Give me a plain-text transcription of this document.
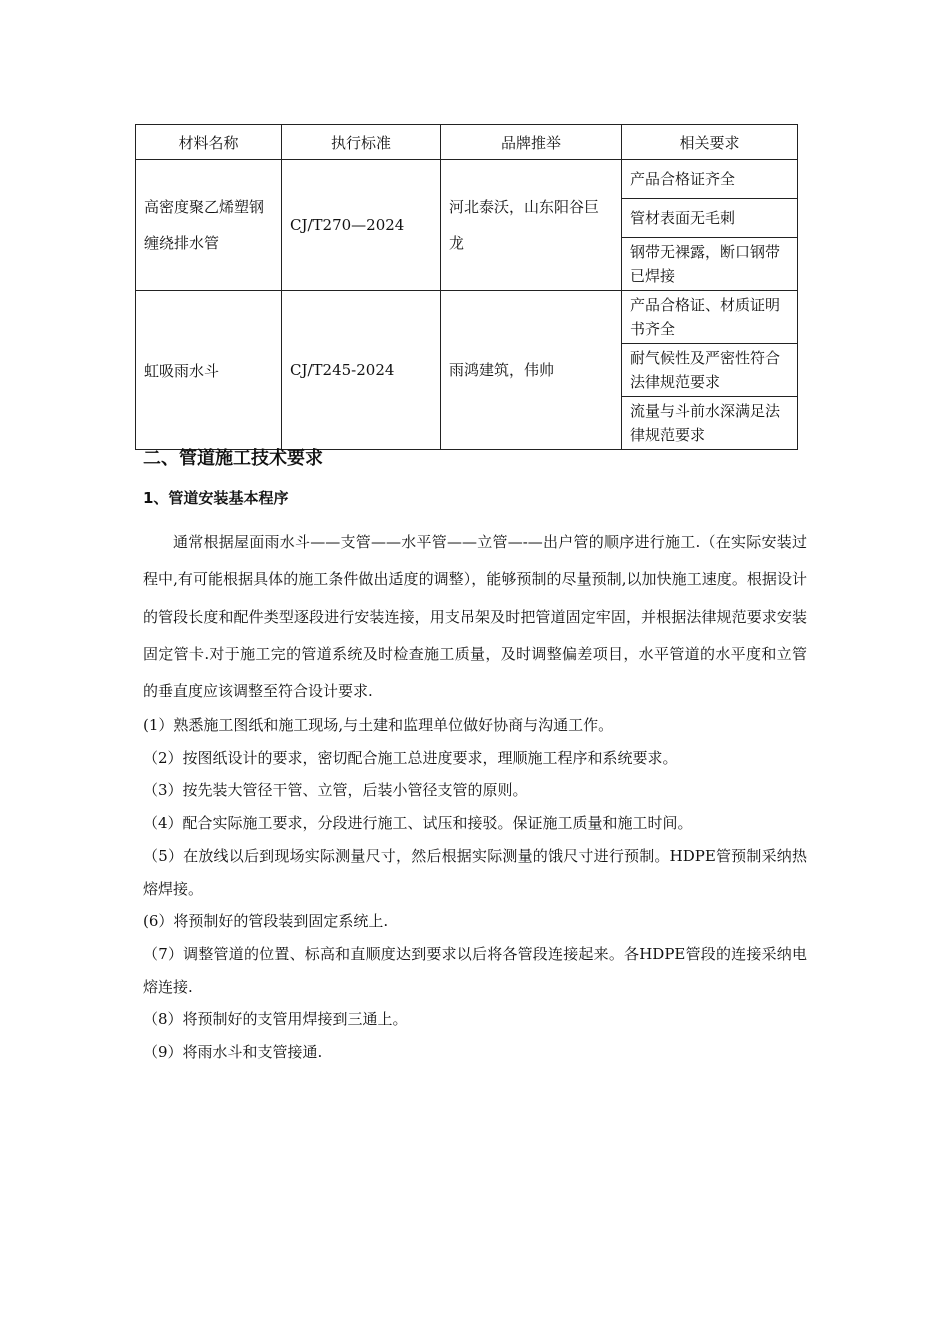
材料名称	执行标准	品牌推举	相关要求
高密度聚乙烯塑钢缠绕排水管	CJ/T270—2024	河北泰沃，山东阳谷巨龙	产品合格证齐全
			管材表面无毛刺
			钢带无裸露，断口钢带已焊接
虹吸雨水斗	CJ/T245-2024	雨鸿建筑，伟帅	产品合格证、材质证明书齐全
			耐气候性及严密性符合法律规范要求
			流量与斗前水深满足法律规范要求
二、管道施工技术要求
1、管道安装基本程序
通常根据屋面雨水斗——支管——水平管——立管—-—出户管的顺序进行施工.（在实际安装过程中,有可能根据具体的施工条件做出适度的调整），能够预制的尽量预制,以加快施工速度。根据设计的管段长度和配件类型逐段进行安装连接，用支吊架及时把管道固定牢固，并根据法律规范要求安装固定管卡.对于施工完的管道系统及时检查施工质量，及时调整偏差项目，水平管道的水平度和立管的垂直度应该调整至符合设计要求.
(1）熟悉施工图纸和施工现场,与土建和监理单位做好协商与沟通工作。
（2）按图纸设计的要求，密切配合施工总进度要求，理顺施工程序和系统要求。
（3）按先装大管径干管、立管，后装小管径支管的原则。
（4）配合实际施工要求，分段进行施工、试压和接驳。保证施工质量和施工时间。
（5）在放线以后到现场实际测量尺寸，然后根据实际测量的饿尺寸进行预制。HDPE管预制采纳热熔焊接。
(6）将预制好的管段装到固定系统上.
（7）调整管道的位置、标高和直顺度达到要求以后将各管段连接起来。各HDPE管段的连接采纳电熔连接.
（8）将预制好的支管用焊接到三通上。
（9）将雨水斗和支管接通.
